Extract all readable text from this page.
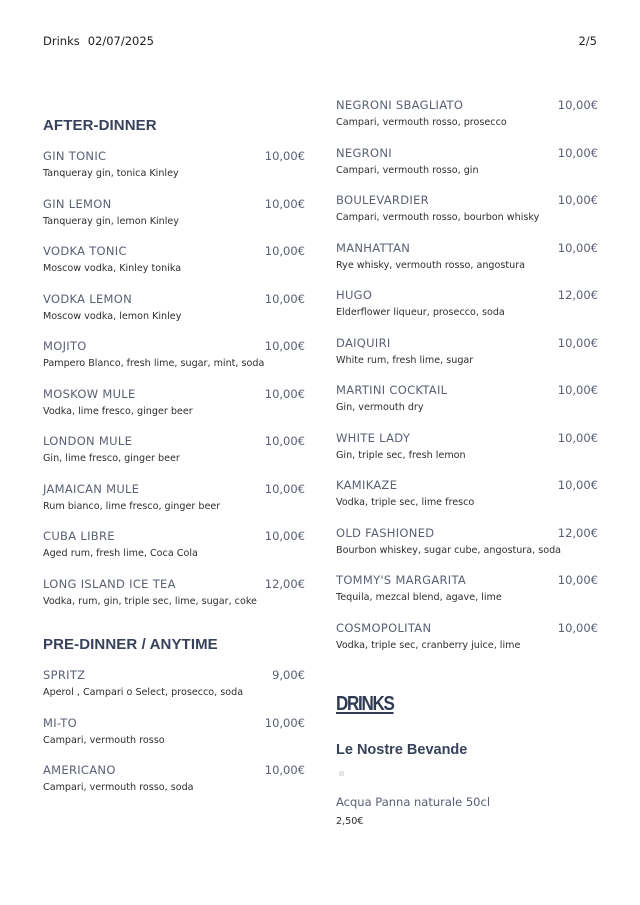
Drinks 02/07/2025	2/5
AFTER-DINNER
GIN TONIC	10,00€
Tanqueray gin, tonica Kinley
GIN LEMON	10,00€
Tanqueray gin, lemon Kinley
VODKA TONIC	10,00€
Moscow vodka, Kinley tonika
VODKA LEMON	10,00€
Moscow vodka, lemon Kinley
MOJITO	10,00€
Pampero Blanco, fresh lime, sugar, mint, soda
MOSKOW MULE	10,00€
Vodka, lime fresco, ginger beer
LONDON MULE	10,00€
Gin, lime fresco, ginger beer
JAMAICAN MULE	10,00€
Rum bianco, lime fresco, ginger beer
CUBA LIBRE	10,00€
Aged rum, fresh lime, Coca Cola
LONG ISLAND ICE TEA	12,00€
Vodka, rum, gin, triple sec, lime, sugar, coke
PRE-DINNER / ANYTIME
SPRITZ	9,00€
Aperol , Campari o Select, prosecco, soda
MI-TO	10,00€
Campari, vermouth rosso
AMERICANO	10,00€
Campari, vermouth rosso, soda
NEGRONI SBAGLIATO	10,00€
Campari, vermouth rosso, prosecco
NEGRONI	10,00€
Campari, vermouth rosso, gin
BOULEVARDIER	10,00€
Campari, vermouth rosso, bourbon whisky
MANHATTAN	10,00€
Rye whisky, vermouth rosso, angostura
HUGO	12,00€
Elderflower liqueur, prosecco, soda
DAIQUIRI	10,00€
White rum, fresh lime, sugar
MARTINI COCKTAIL	10,00€
Gin, vermouth dry
WHITE LADY	10,00€
Gin, triple sec, fresh lemon
KAMIKAZE	10,00€
Vodka, triple sec, lime fresco
OLD FASHIONED	12,00€
Bourbon whiskey, sugar cube, angostura, soda
TOMMY'S MARGARITA	10,00€
Tequila, mezcal blend, agave, lime
COSMOPOLITAN	10,00€
Vodka, triple sec, cranberry juice, lime
DRINKS
Le Nostre Bevande
Acqua Panna naturale 50cl
2,50€
